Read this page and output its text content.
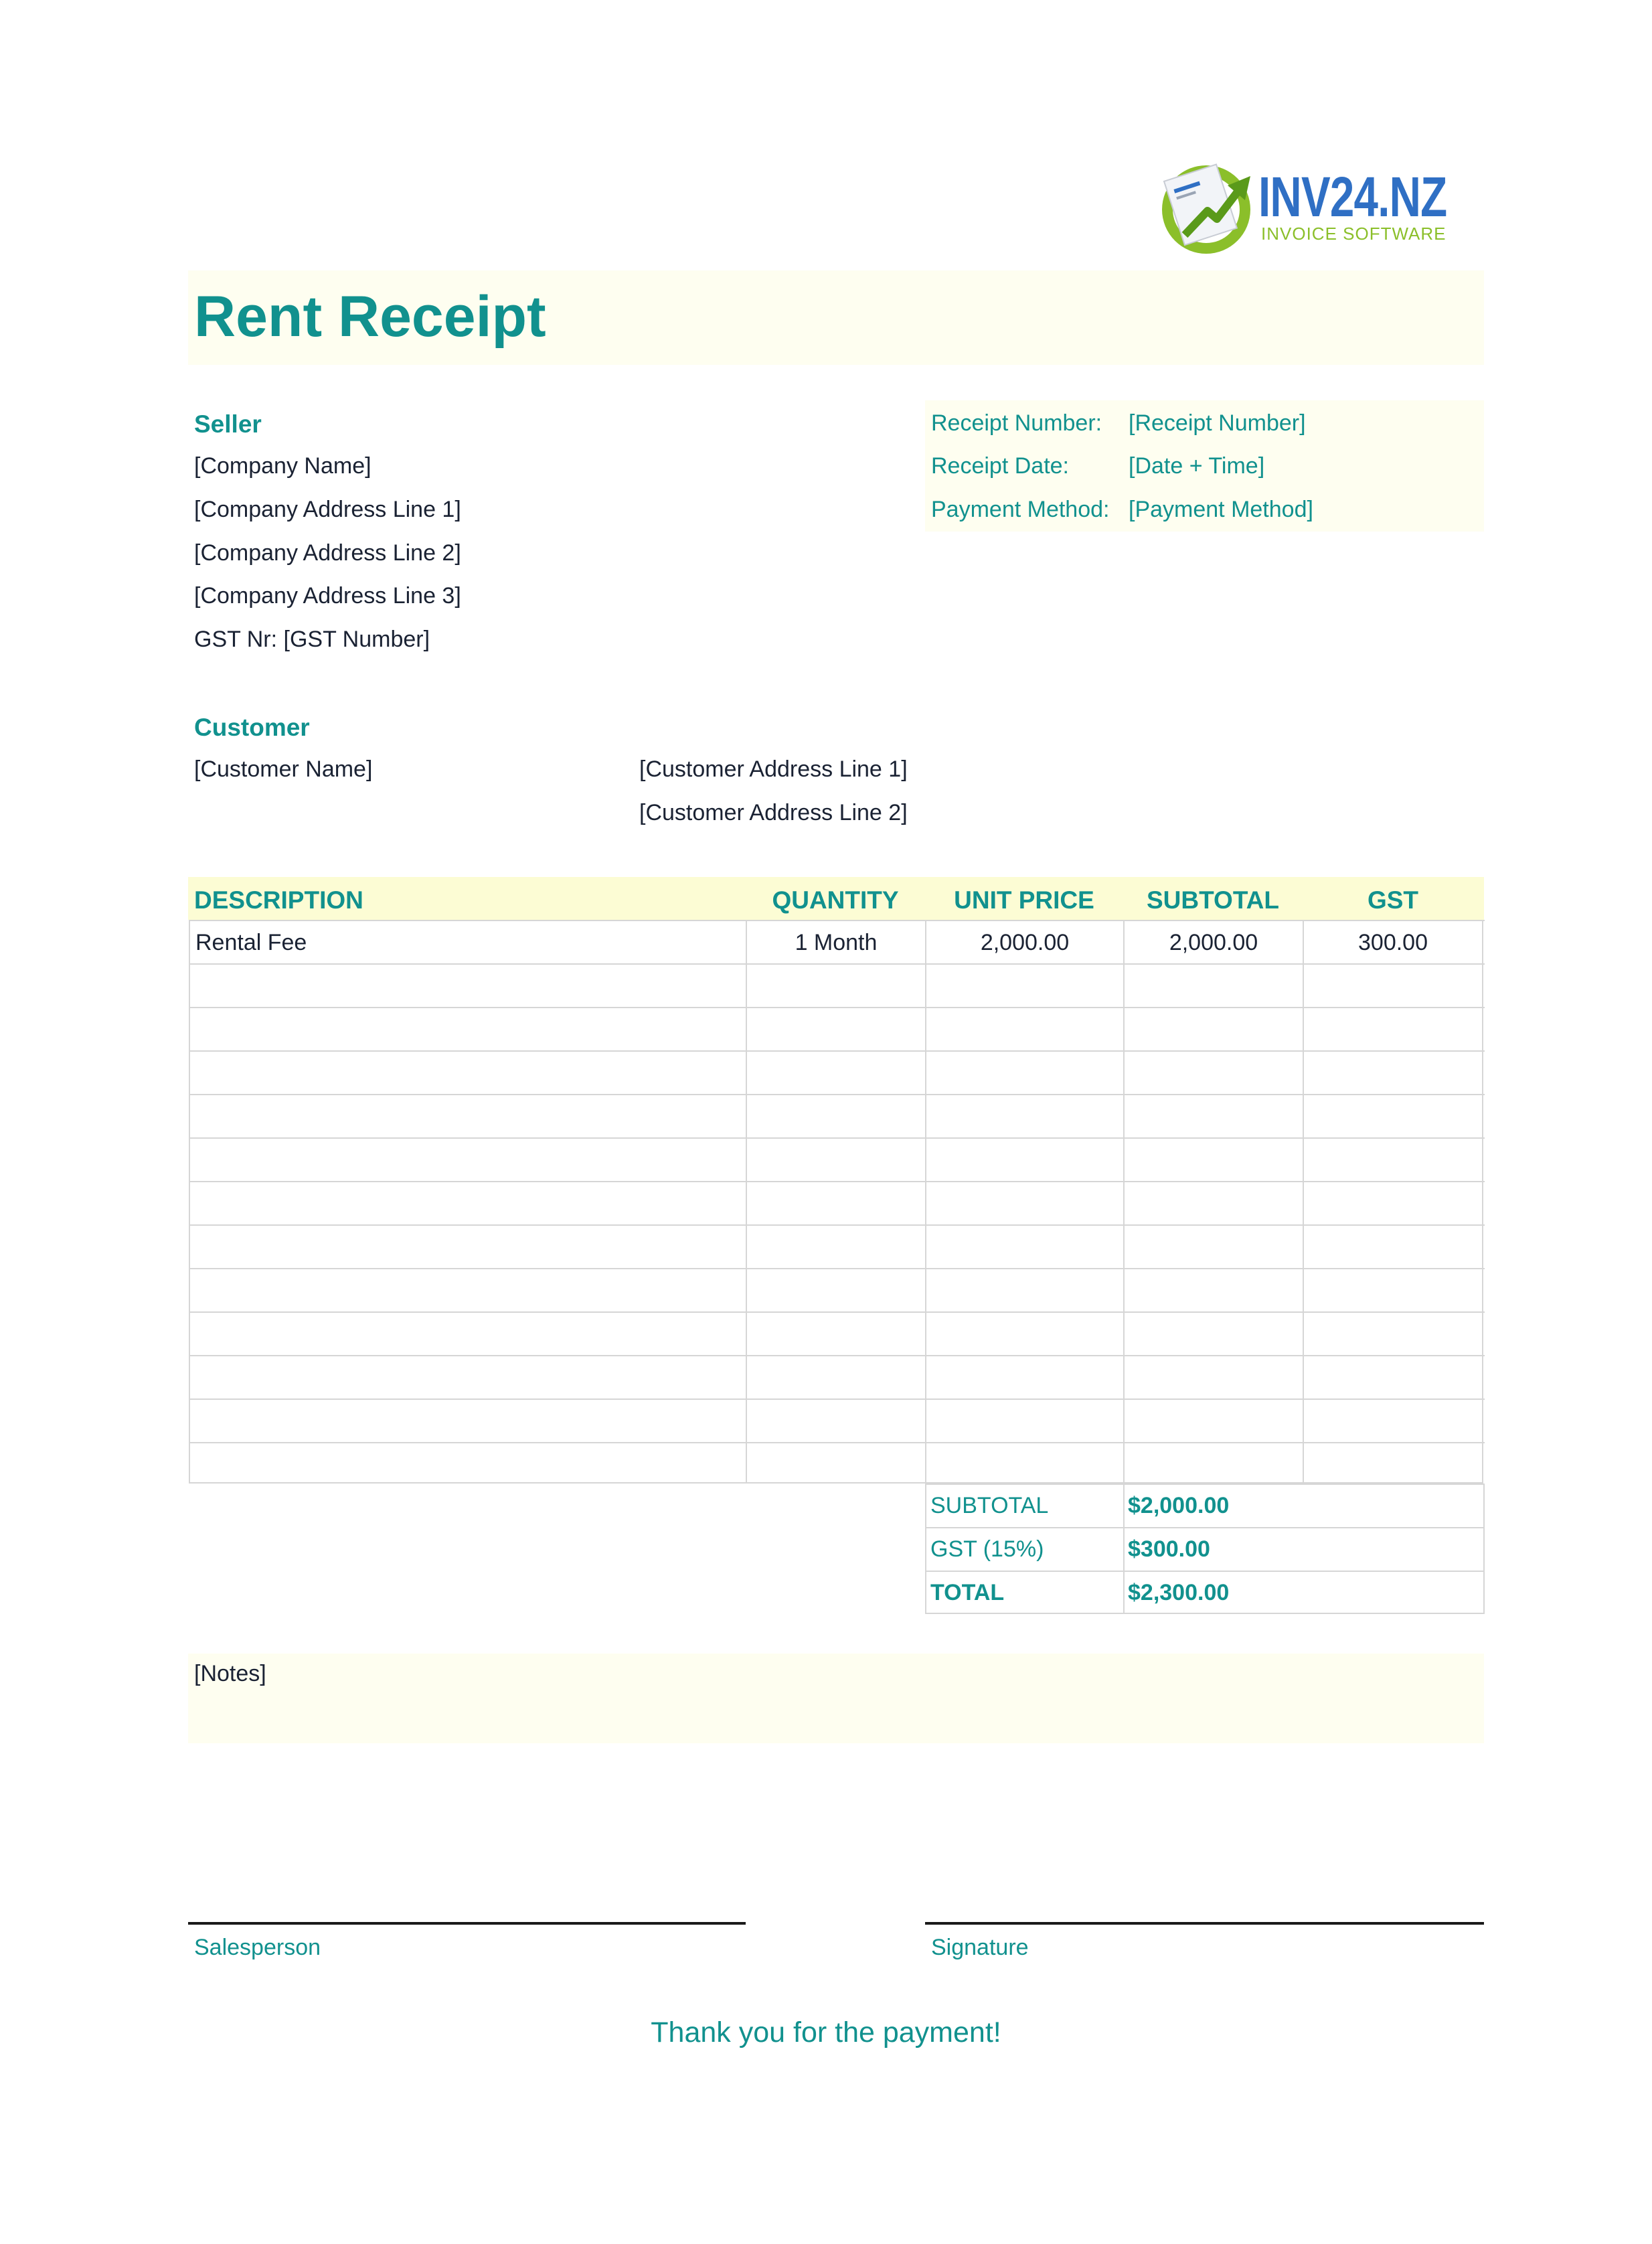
INV24.NZ
INVOICE SOFTWARE
Rent Receipt
Seller
[Company Name]
[Company Address Line 1]
[Company Address Line 2]
[Company Address Line 3]
GST Nr: [GST Number]
Receipt Number: [Receipt Number]
Receipt Date:	[Date + Time]
Payment Method: [Payment Method]
Customer
[Customer Name]	[Customer Address Line 1]
[Customer Address Line 2]
DESCRIPTION	QUANTITY	UNIT PRICE	SUBTOTAL	GST
Rental Fee	1 Month	2,000.00	2,000.00	300.00
SUBTOTAL	$2,000.00
GST (15%)	$300.00
TOTAL	$2,300.00
[Notes]
Salesperson	Signature
Thank you for the payment!
